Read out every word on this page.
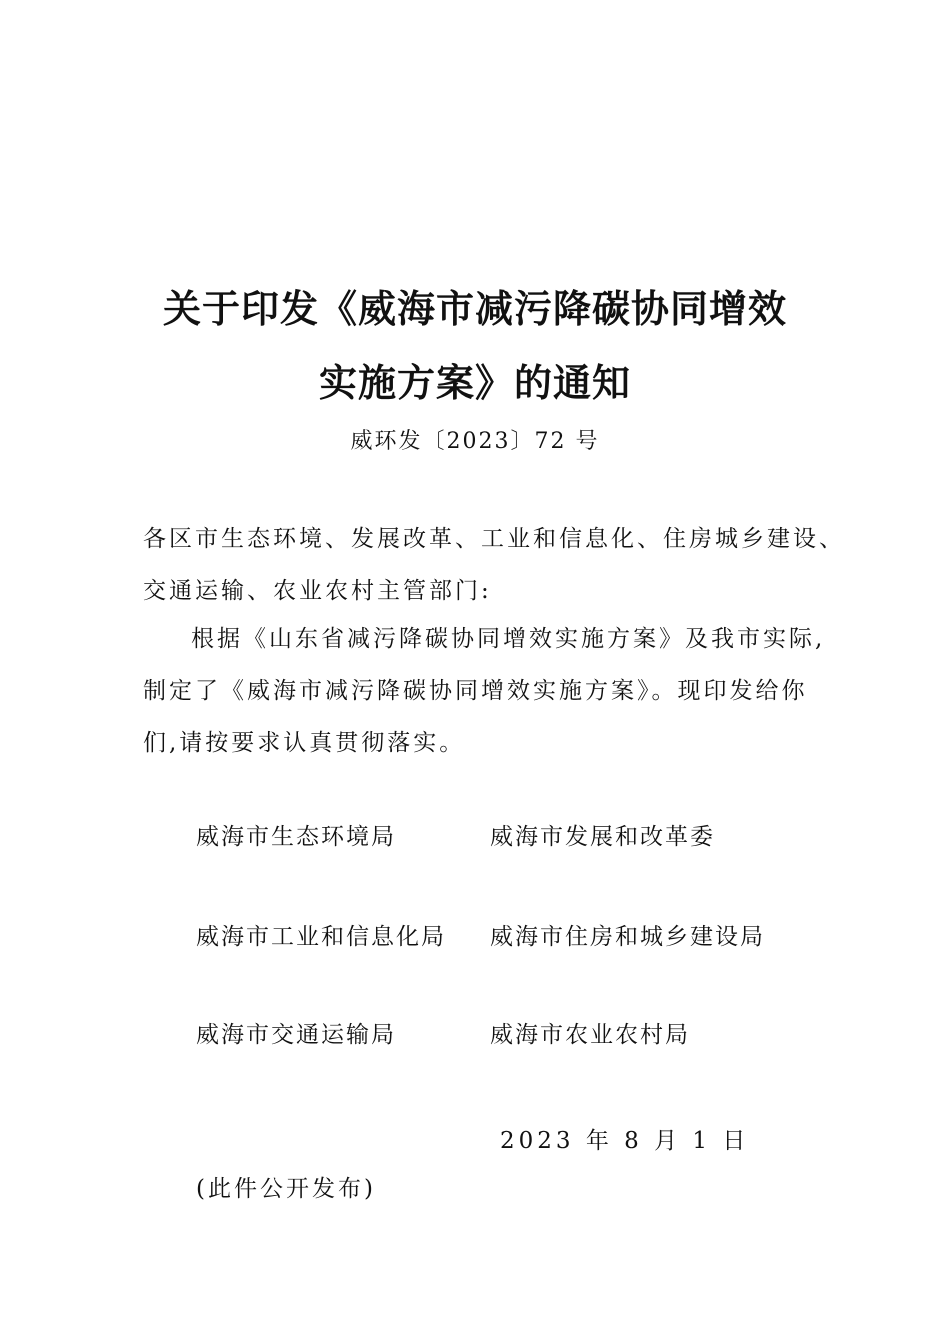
关于印发《威海市减污降碳协同增效
实施方案》的通知
威环发〔2023〕72 号
各区市生态环境、发展改革、工业和信息化、住房城乡建设、
交通运输、农业农村主管部门:
根据《山东省减污降碳协同增效实施方案》及我市实际,
制定了《威海市减污降碳协同增效实施方案》。现印发给你
们,请按要求认真贯彻落实。
威海市生态环境局	威海市发展和改革委
威海市工业和信息化局 威海市住房和城乡建设局
威海市交通运输局	威海市农业农村局
2023 年 8 月 1 日
(此件公开发布)
